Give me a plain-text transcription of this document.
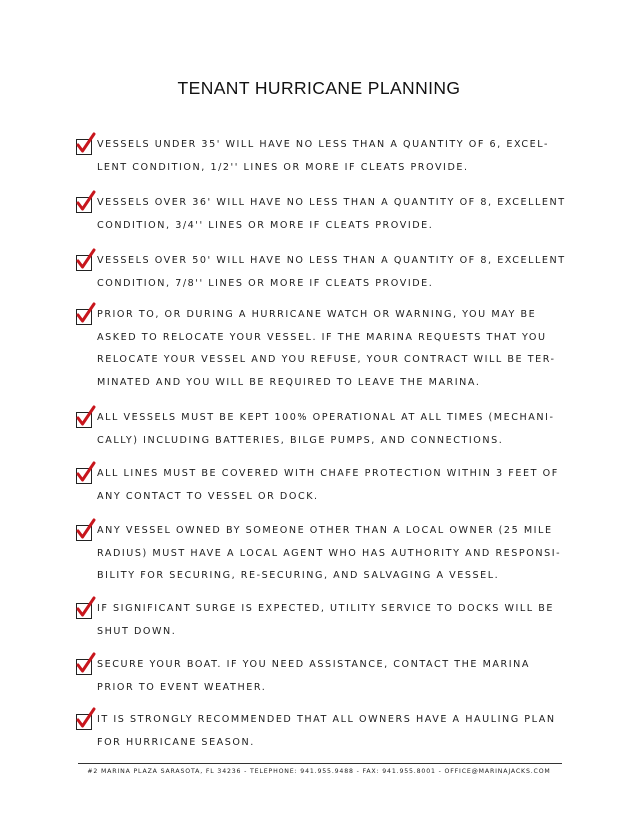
TENANT HURRICANE PLANNING

VESSELS UNDER 35' WILL HAVE NO LESS THAN A QUANTITY OF 6, EXCEL- LENT CONDITION, 1/2'' LINES OR MORE IF CLEATS PROVIDE.

VESSELS OVER 36' WILL HAVE NO LESS THAN A QUANTITY OF 8, EXCELLENT CONDITION, 3/4'' LINES OR MORE IF CLEATS PROVIDE.

VESSELS OVER 50' WILL HAVE NO LESS THAN A QUANTITY OF 8, EXCELLENT CONDITION, 7/8'' LINES OR MORE IF CLEATS PROVIDE.

PRIOR TO, OR DURING A HURRICANE WATCH OR WARNING, YOU MAY BE ASKED TO RELOCATE YOUR VESSEL. IF THE MARINA REQUESTS THAT YOU RELOCATE YOUR VESSEL AND YOU REFUSE, YOUR CONTRACT WILL BE TER- MINATED AND YOU WILL BE REQUIRED TO LEAVE THE MARINA.

ALL VESSELS MUST BE KEPT 100% OPERATIONAL AT ALL TIMES (MECHANI- CALLY) INCLUDING BATTERIES, BILGE PUMPS, AND CONNECTIONS.

ALL LINES MUST BE COVERED WITH CHAFE PROTECTION WITHIN 3 FEET OF ANY CONTACT TO VESSEL OR DOCK.

ANY VESSEL OWNED BY SOMEONE OTHER THAN A LOCAL OWNER (25 MILE RADIUS) MUST HAVE A LOCAL AGENT WHO HAS AUTHORITY AND RESPONSI- BILITY FOR SECURING, RE-SECURING, AND SALVAGING A VESSEL.

IF SIGNIFICANT SURGE IS EXPECTED, UTILITY SERVICE TO DOCKS WILL BE SHUT DOWN.

SECURE YOUR BOAT. IF YOU NEED ASSISTANCE, CONTACT THE MARINA PRIOR TO EVENT WEATHER.

IT IS STRONGLY RECOMMENDED THAT ALL OWNERS HAVE A HAULING PLAN FOR HURRICANE SEASON.

#2 MARINA PLAZA SARASOTA, FL 34236 - TELEPHONE: 941.955.9488 - FAX: 941.955.8001 - OFFICE@MARINAJACKS.COM
